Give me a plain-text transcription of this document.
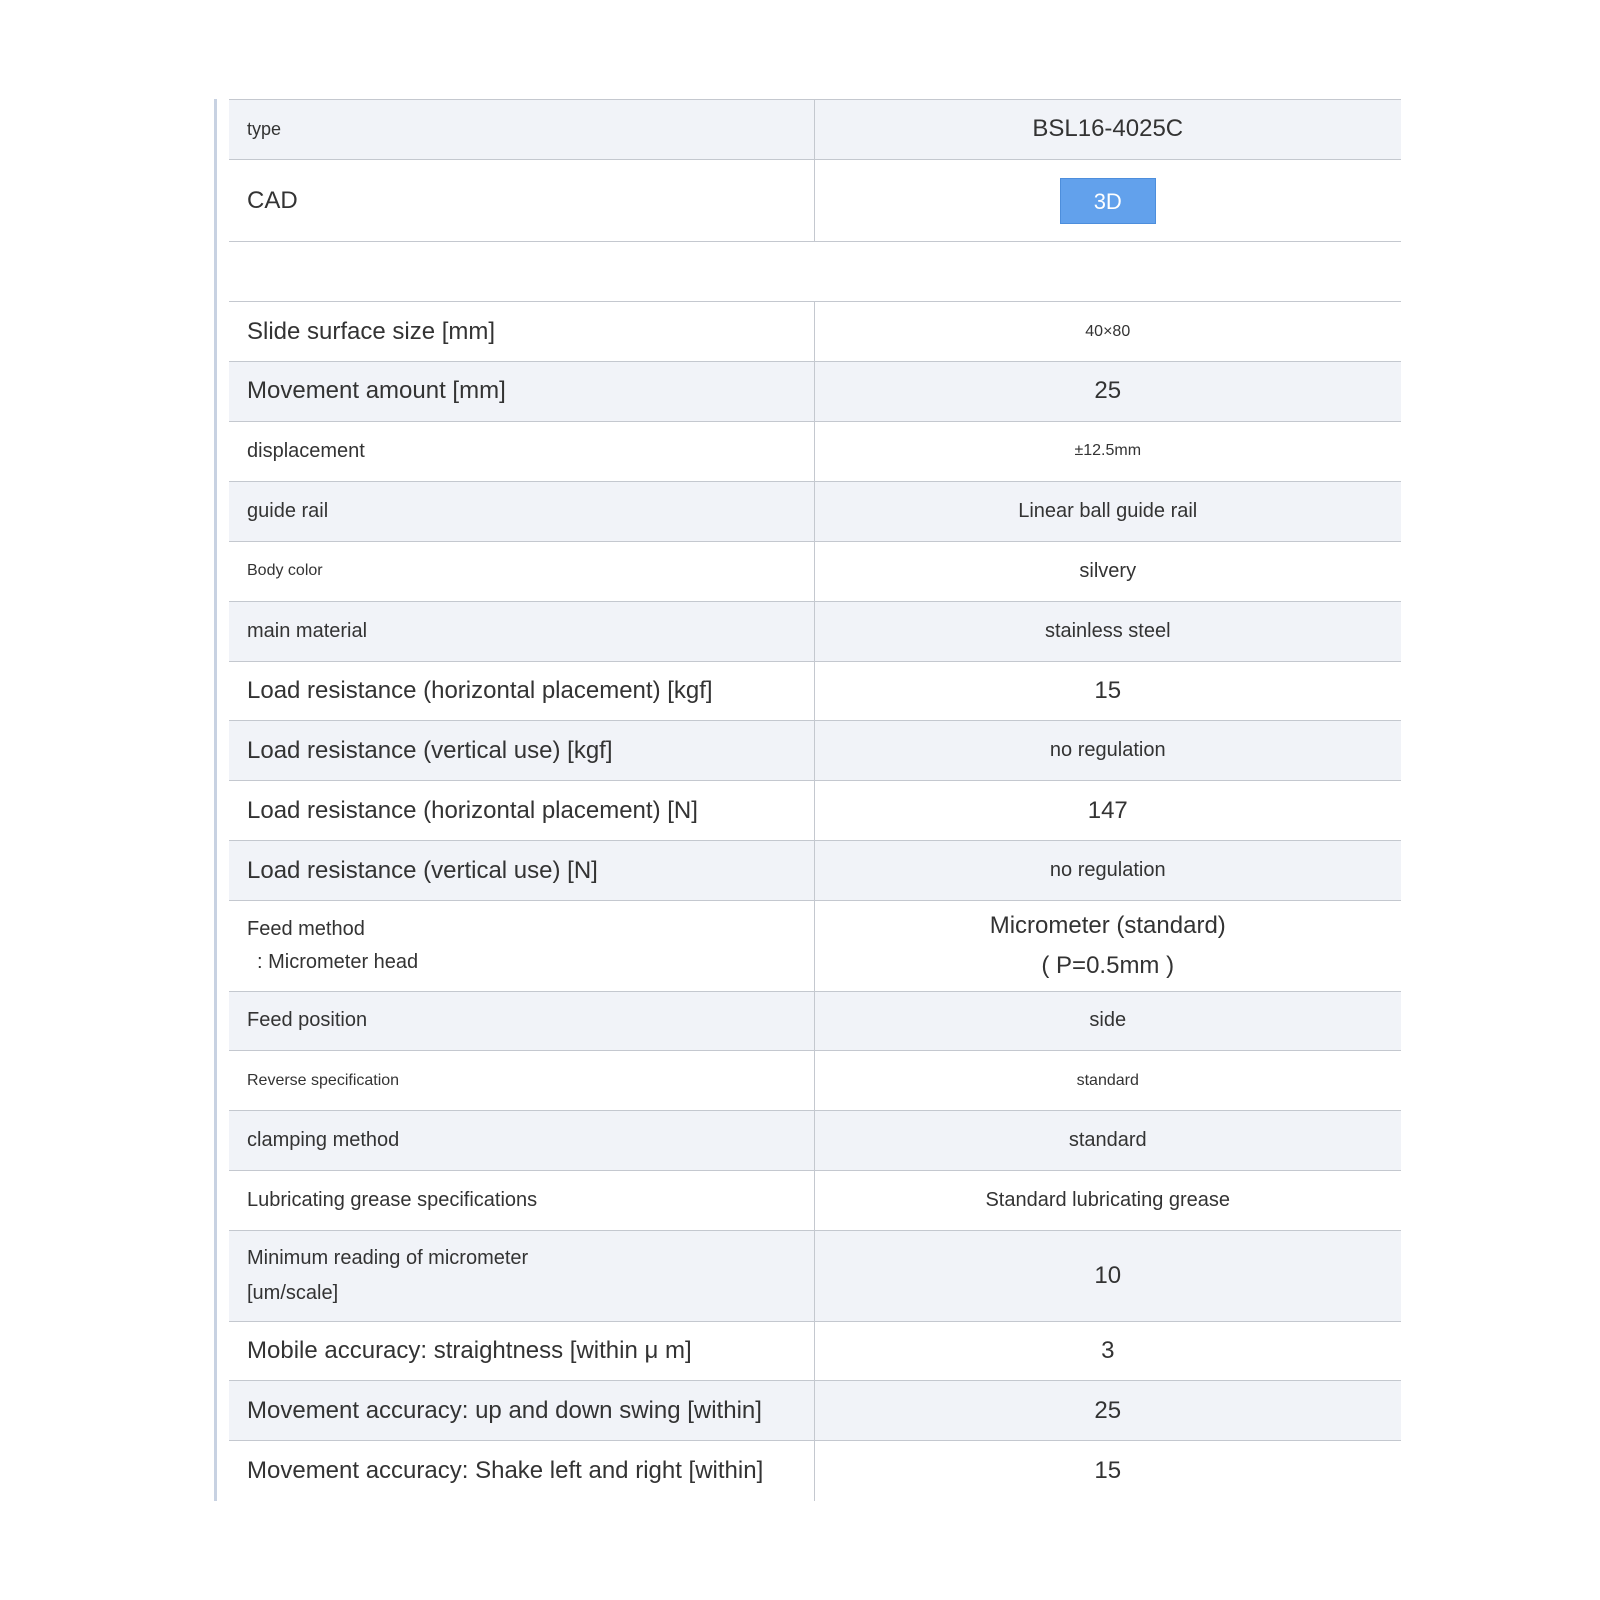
type	BSL16-4025C
CAD	3D

Slide surface size [mm]	40×80
Movement amount [mm]	25
displacement	±12.5mm
guide rail	Linear ball guide rail
Body color	silvery
main material	stainless steel
Load resistance (horizontal placement) [kgf]	15
Load resistance (vertical use) [kgf]	no regulation
Load resistance (horizontal placement) [N]	147
Load resistance (vertical use) [N]	no regulation

Feed method
: Micrometer head	Micrometer (standard)
( P=0.5mm )

Feed position	side
Reverse specification	standard
clamping method	standard
Lubricating grease specifications	Standard lubricating grease

Minimum reading of micrometer
[um/scale]	10
Mobile accuracy: straightness [within μ m]	3
Movement accuracy: up and down swing [within]	25
Movement accuracy: Shake left and right [within]	15
